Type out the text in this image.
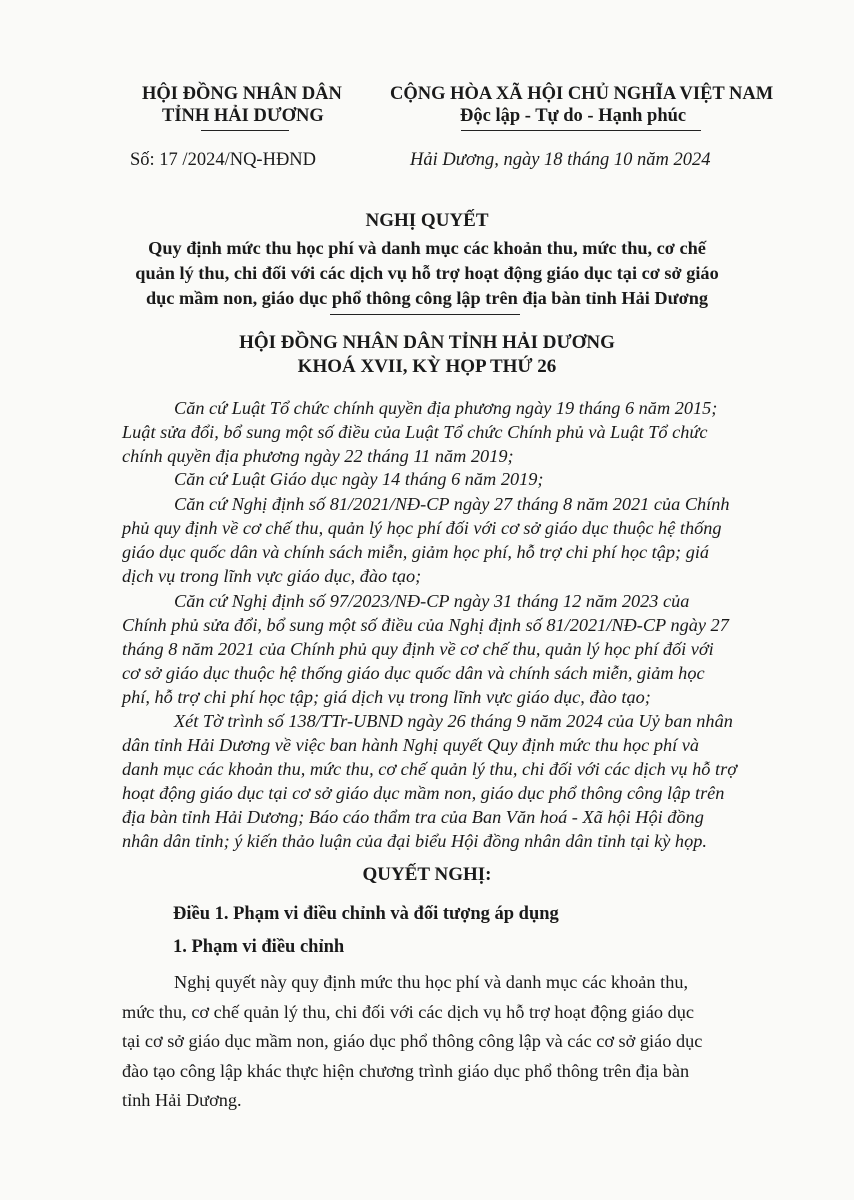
HỘI ĐỒNG NHÂN DÂN
TỈNH HẢI DƯƠNG
Số: 17 /2024/NQ-HĐND
CỘNG HÒA XÃ HỘI CHỦ NGHĨA VIỆT NAM
Độc lập - Tự do - Hạnh phúc
Hải Dương, ngày 18 tháng 10 năm 2024
NGHỊ QUYẾT
Quy định mức thu học phí và danh mục các khoản thu, mức thu, cơ chế
quản lý thu, chi đối với các dịch vụ hỗ trợ hoạt động giáo dục tại cơ sở giáo
dục mầm non, giáo dục phổ thông công lập trên địa bàn tỉnh Hải Dương
HỘI ĐỒNG NHÂN DÂN TỈNH HẢI DƯƠNG
KHOÁ XVII, KỲ HỌP THỨ 26
Căn cứ Luật Tổ chức chính quyền địa phương ngày 19 tháng 6 năm 2015;
Luật sửa đổi, bổ sung một số điều của Luật Tổ chức Chính phủ và Luật Tổ chức
chính quyền địa phương ngày 22 tháng 11 năm 2019;
Căn cứ Luật Giáo dục ngày 14 tháng 6 năm 2019;
Căn cứ Nghị định số 81/2021/NĐ-CP ngày 27 tháng 8 năm 2021 của Chính
phủ quy định về cơ chế thu, quản lý học phí đối với cơ sở giáo dục thuộc hệ thống
giáo dục quốc dân và chính sách miễn, giảm học phí, hỗ trợ chi phí học tập; giá
dịch vụ trong lĩnh vực giáo dục, đào tạo;
Căn cứ Nghị định số 97/2023/NĐ-CP ngày 31 tháng 12 năm 2023 của
Chính phủ sửa đổi, bổ sung một số điều của Nghị định số 81/2021/NĐ-CP ngày 27
tháng 8 năm 2021 của Chính phủ quy định về cơ chế thu, quản lý học phí đối với
cơ sở giáo dục thuộc hệ thống giáo dục quốc dân và chính sách miễn, giảm học
phí, hỗ trợ chi phí học tập; giá dịch vụ trong lĩnh vực giáo dục, đào tạo;
Xét Tờ trình số 138/TTr-UBND ngày 26 tháng 9 năm 2024 của Uỷ ban nhân
dân tỉnh Hải Dương về việc ban hành Nghị quyết Quy định mức thu học phí và
danh mục các khoản thu, mức thu, cơ chế quản lý thu, chi đối với các dịch vụ hỗ trợ
hoạt động giáo dục tại cơ sở giáo dục mầm non, giáo dục phổ thông công lập trên
địa bàn tỉnh Hải Dương; Báo cáo thẩm tra của Ban Văn hoá - Xã hội Hội đồng
nhân dân tỉnh; ý kiến thảo luận của đại biểu Hội đồng nhân dân tỉnh tại kỳ họp.
QUYẾT NGHỊ:
Điều 1. Phạm vi điều chỉnh và đối tượng áp dụng
1. Phạm vi điều chỉnh
Nghị quyết này quy định mức thu học phí và danh mục các khoản thu,
mức thu, cơ chế quản lý thu, chi đối với các dịch vụ hỗ trợ hoạt động giáo dục
tại cơ sở giáo dục mầm non, giáo dục phổ thông công lập và các cơ sở giáo dục
đào tạo công lập khác thực hiện chương trình giáo dục phổ thông trên địa bàn
tỉnh Hải Dương.
